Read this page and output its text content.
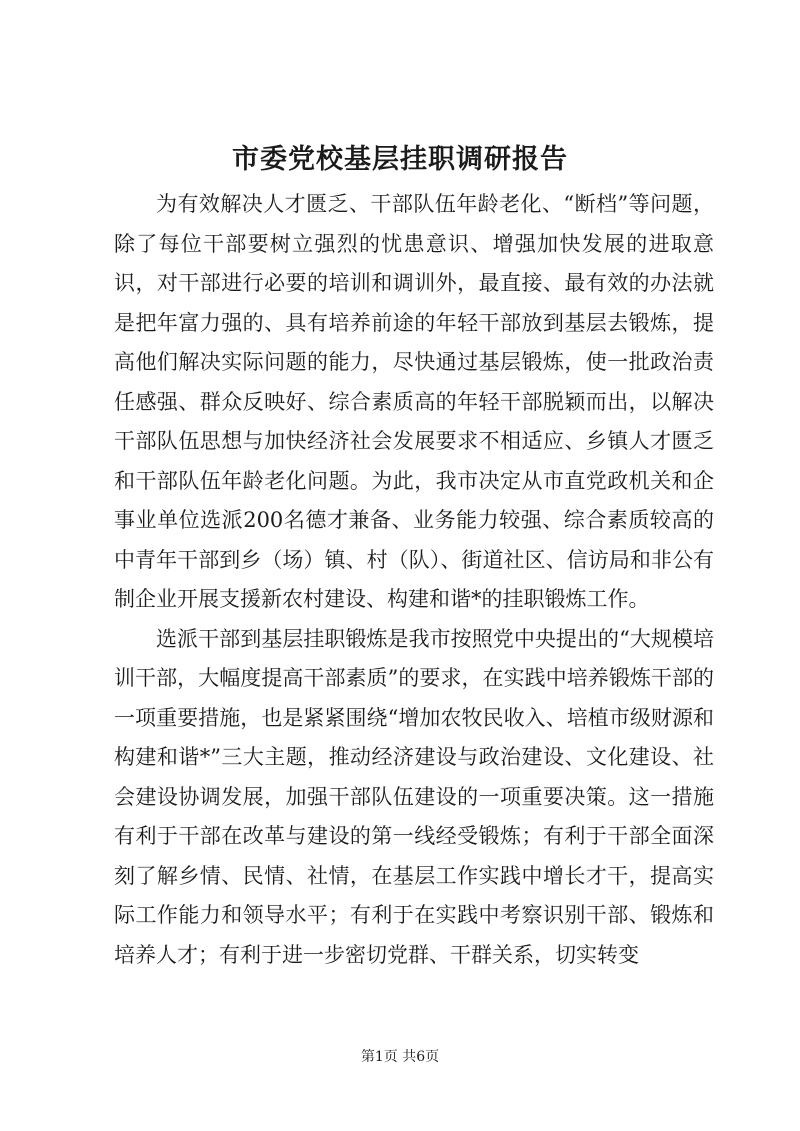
市委党校基层挂职调研报告

为有效解决人才匮乏、干部队伍年龄老化、“断档”等问题，除了每位干部要树立强烈的忧患意识、增强加快发展的进取意识，对干部进行必要的培训和调训外，最直接、最有效的办法就是把年富力强的、具有培养前途的年轻干部放到基层去锻炼，提高他们解决实际问题的能力，尽快通过基层锻炼，使一批政治责任感强、群众反映好、综合素质高的年轻干部脱颖而出，以解决干部队伍思想与加快经济社会发展要求不相适应、乡镇人才匮乏和干部队伍年龄老化问题。为此，我市决定从市直党政机关和企事业单位选派200名德才兼备、业务能力较强、综合素质较高的中青年干部到乡（场）镇、村（队）、街道社区、信访局和非公有制企业开展支援新农村建设、构建和谐*的挂职锻炼工作。

选派干部到基层挂职锻炼是我市按照党中央提出的“大规模培训干部，大幅度提高干部素质”的要求，在实践中培养锻炼干部的一项重要措施，也是紧紧围绕“增加农牧民收入、培植市级财源和构建和谐*”三大主题，推动经济建设与政治建设、文化建设、社会建设协调发展，加强干部队伍建设的一项重要决策。这一措施有利于干部在改革与建设的第一线经受锻炼；有利于干部全面深刻了解乡情、民情、社情，在基层工作实践中增长才干，提高实际工作能力和领导水平；有利于在实践中考察识别干部、锻炼和培养人才；有利于进一步密切党群、干群关系，切实转变

第1页 共6页
